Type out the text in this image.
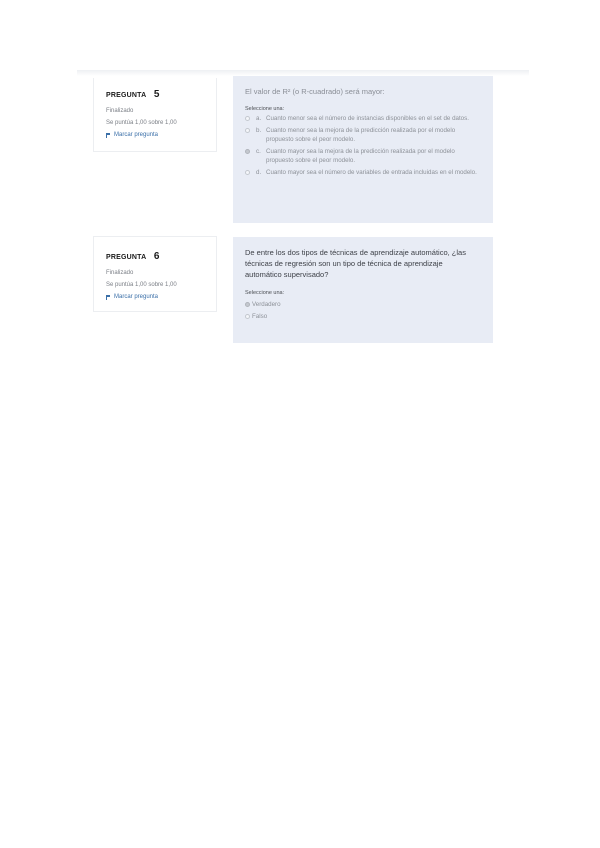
PREGUNTA 5
Finalizado
Se puntúa 1,00 sobre 1,00
Marcar pregunta
El valor de R² (o R-cuadrado) será mayor:
Seleccione una:
a. Cuanto menor sea el número de instancias disponibles en el set de datos.
b. Cuanto menor sea la mejora de la predicción realizada por el modelo propuesto sobre el peor modelo.
c. Cuanto mayor sea la mejora de la predicción realizada por el modelo propuesto sobre el peor modelo.
d. Cuanto mayor sea el número de variables de entrada incluidas en el modelo.
PREGUNTA 6
Finalizado
Se puntúa 1,00 sobre 1,00
Marcar pregunta
De entre los dos tipos de técnicas de aprendizaje automático, ¿las técnicas de regresión son un tipo de técnica de aprendizaje automático supervisado?
Seleccione una:
Verdadero
Falso
